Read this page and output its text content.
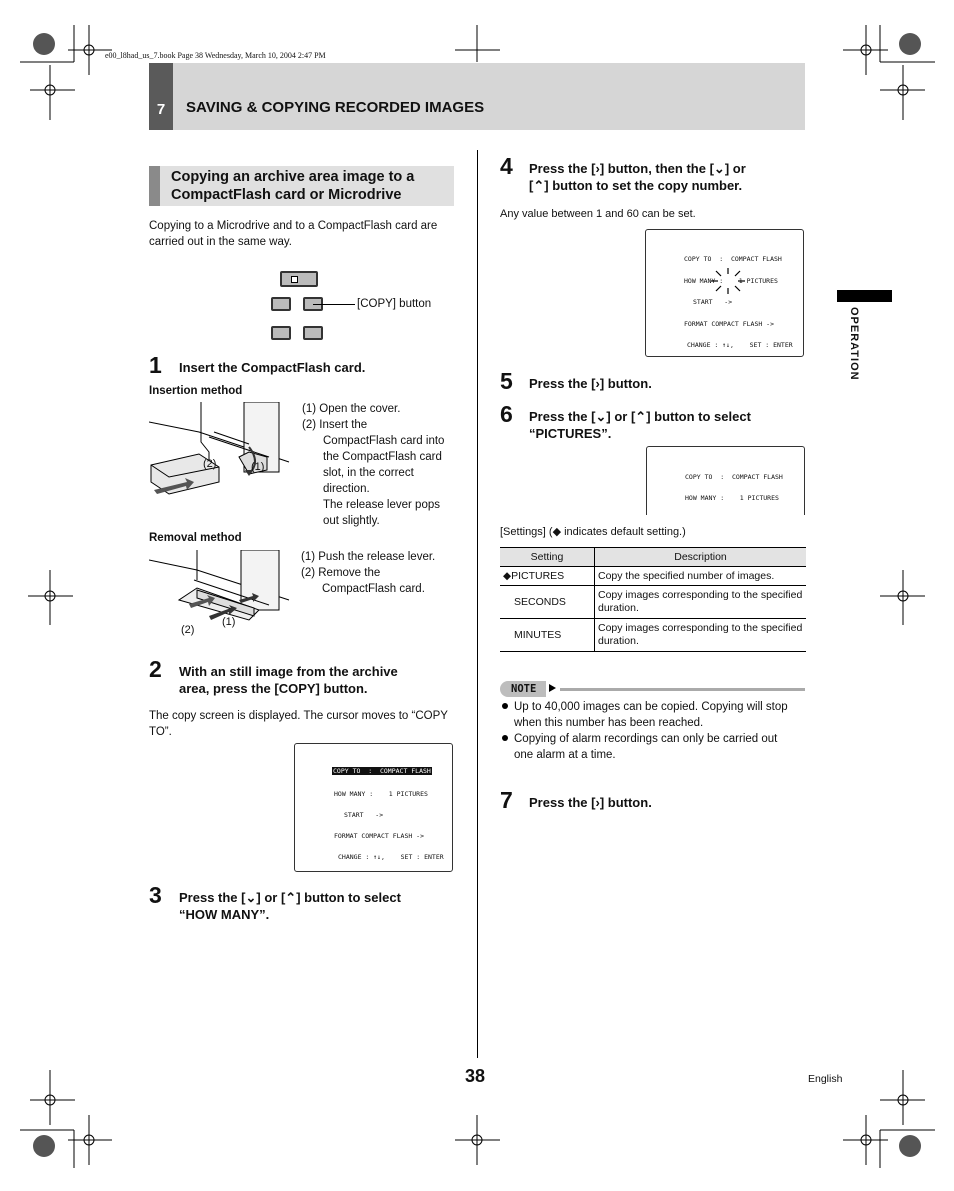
e00_l8had_us_7.book Page 38 Wednesday, March 10, 2004 2:47 PM
7	SAVING & COPYING RECORDED IMAGES
OPERATION
Copying an archive area image to a
CompactFlash card or Microdrive
Copying to a Microdrive and to a CompactFlash card are
carried out in the same way.
[COPY] button
1 Insert the CompactFlash card.
Insertion method
(2)	(1)
(1) Open the cover.
(2) Insert the
CompactFlash card into
the CompactFlash card
slot, in the correct
direction.
The release lever pops
out slightly.
Removal method
(2)
(1)
(1) Push the release lever.
(2) Remove the
CompactFlash card.
2 With an still image from the archive
area, press the [COPY] button.
The copy screen is displayed. The cursor moves to “COPY
TO”.
COPY TO  :  COMPACT FLASH
HOW MANY :    1 PICTURES
START   ->
FORMAT COMPACT FLASH ->
CHANGE : ↑↓,    SET : ENTER
3 Press the [⌄] or [⌃] button to select
“HOW MANY”.
4 Press the [›] button, then the [⌄] or
[⌃] button to set the copy number.
Any value between 1 and 60 can be set.
COPY TO  :  COMPACT FLASH
HOW MANY :    1 PICTURES
START   ->
FORMAT COMPACT FLASH ->
CHANGE : ↑↓,    SET : ENTER
5 Press the [›] button.
6 Press the [⌄] or [⌃] button to select
“PICTURES”.
COPY TO  :  COMPACT FLASH
HOW MANY :    1 PICTURES
[Settings] (◆ indicates default setting.)
Setting	Description
◆PICTURES	Copy the specified number of images.
SECONDS	Copy images corresponding to the specified duration.
MINUTES	Copy images corresponding to the specified duration.
NOTE
Up to 40,000 images can be copied. Copying will stop
when this number has been reached.
Copying of alarm recordings can only be carried out
one alarm at a time.
7 Press the [›] button.
38	English
